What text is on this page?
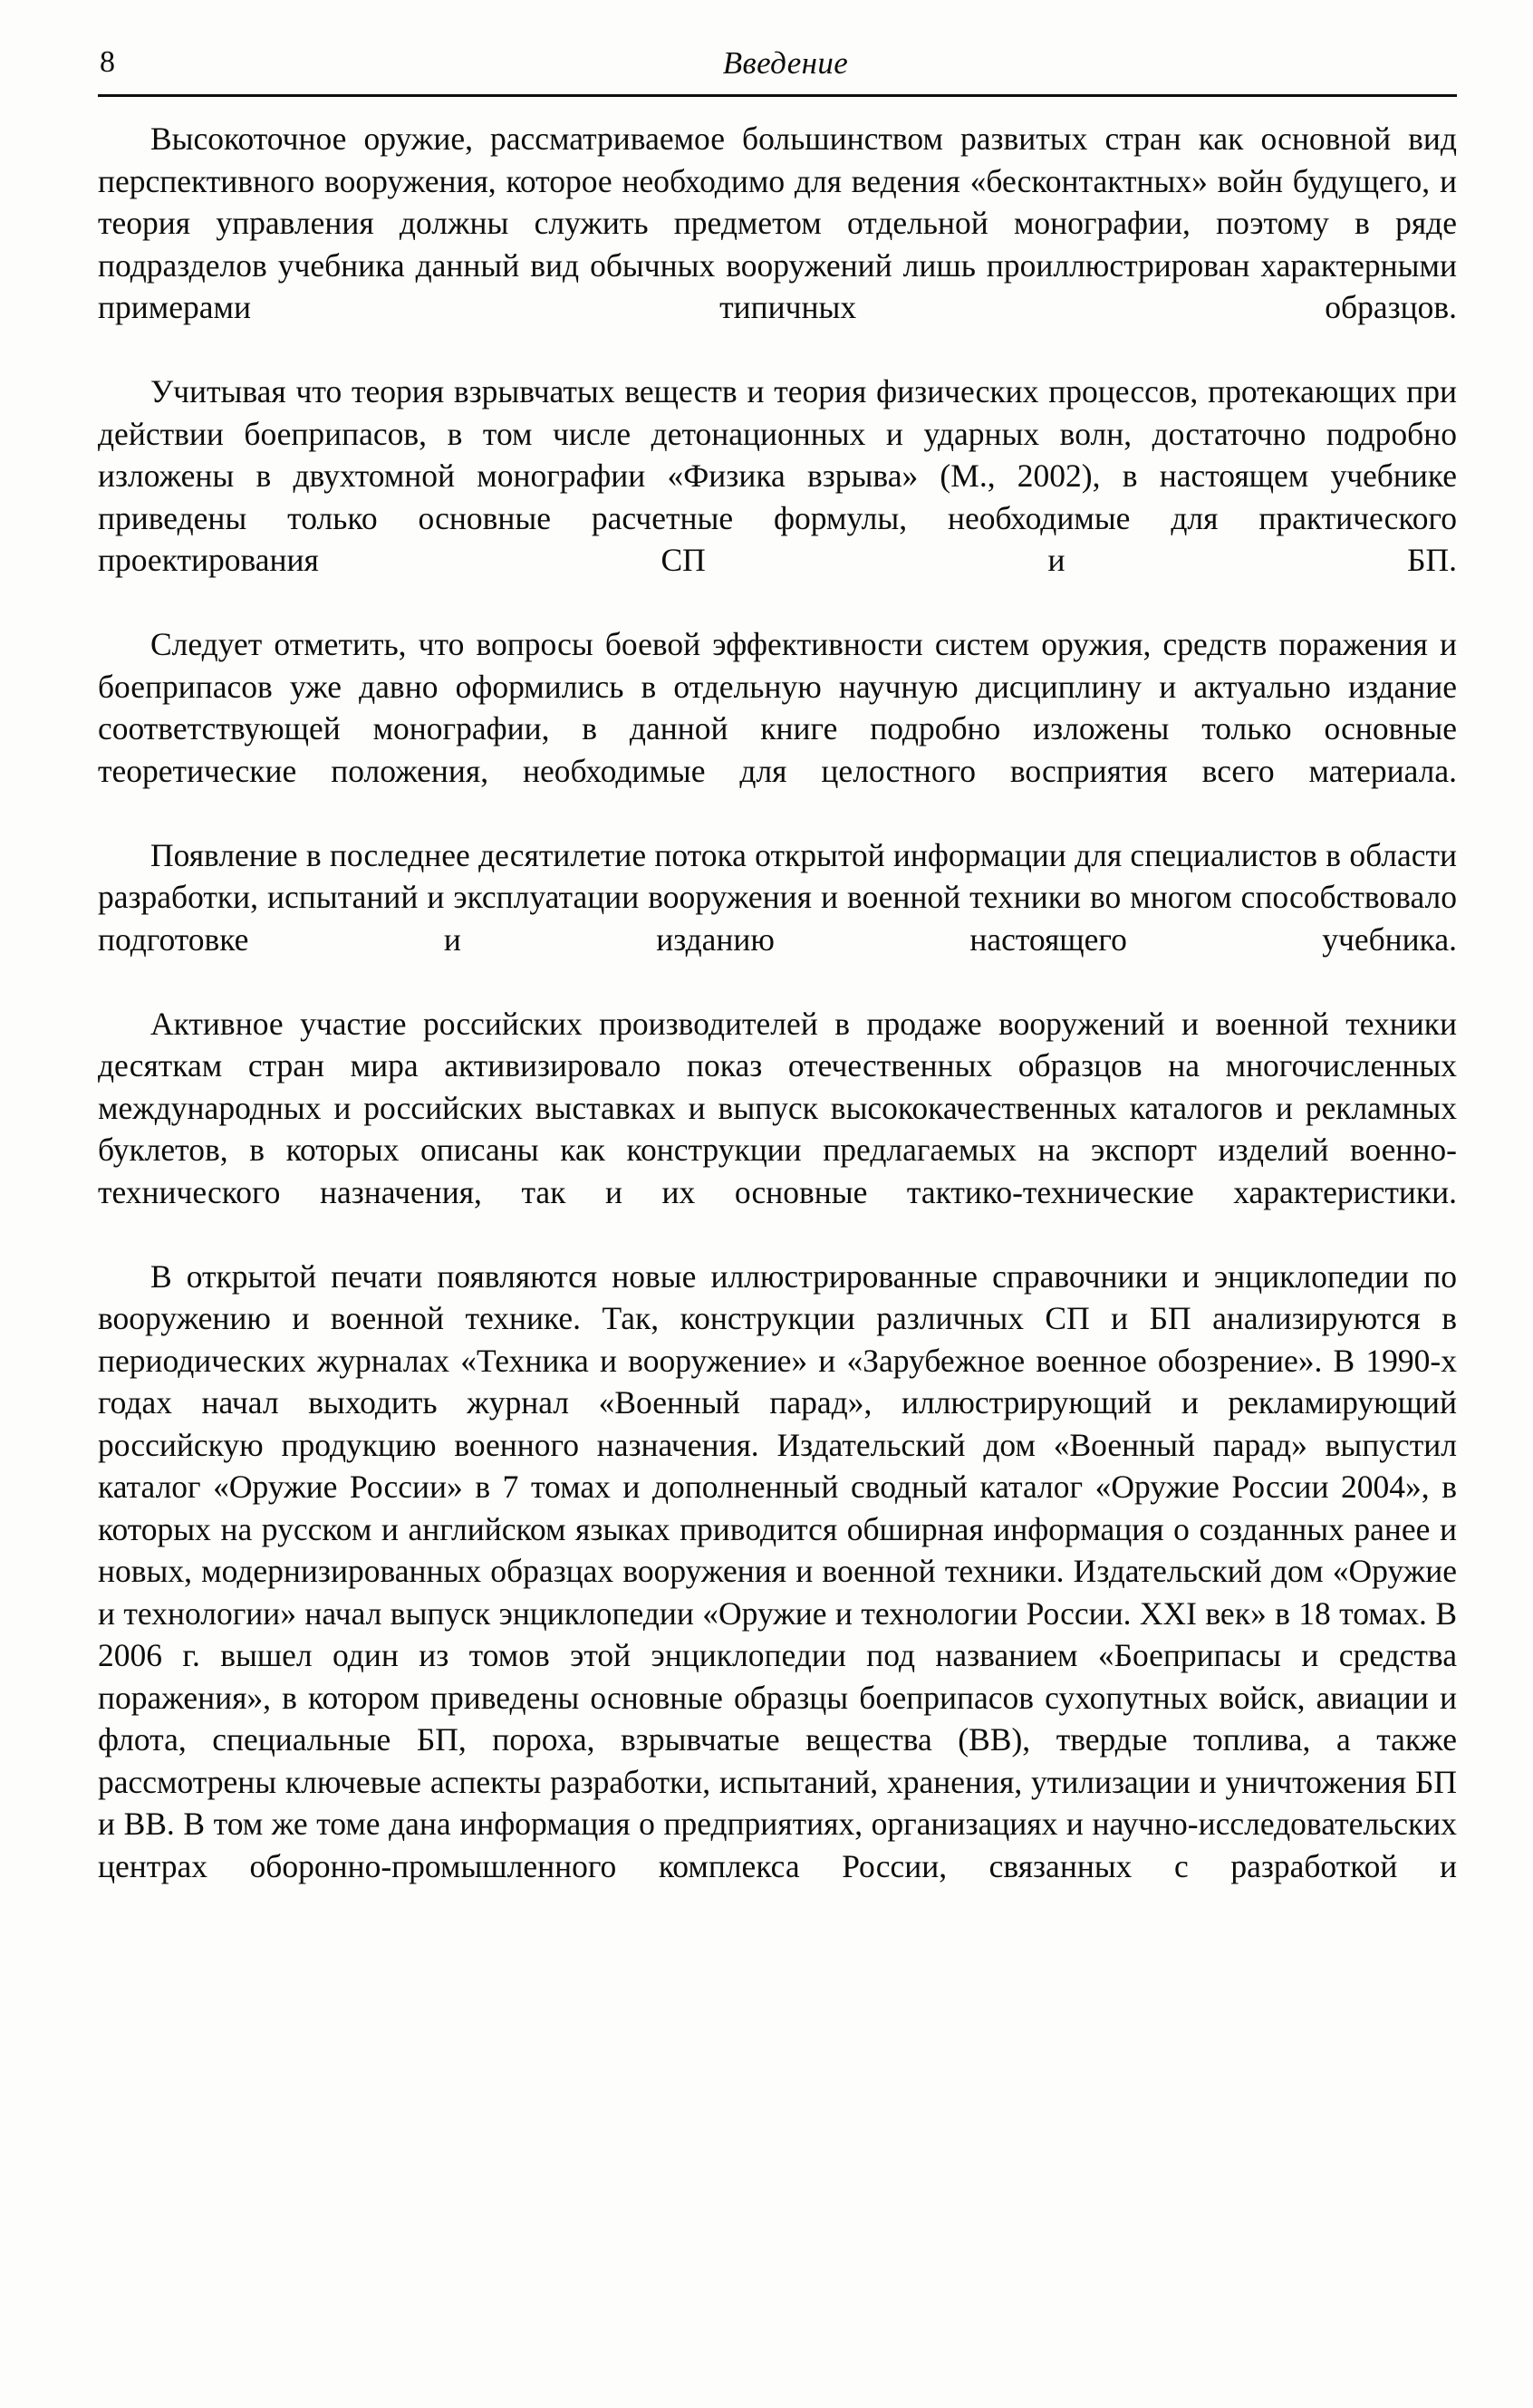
8	Введение

Высокоточное оружие, рассматриваемое большинством развитых стран как основной вид перспективного вооружения, которое необходимо для ведения «бесконтактных» войн будущего, и теория управления должны служить предметом отдельной монографии, поэтому в ряде подразделов учебника данный вид обычных вооружений лишь проиллюстрирован характерными примерами типичных образцов.

Учитывая что теория взрывчатых веществ и теория физических процессов, протекающих при действии боеприпасов, в том числе детонационных и ударных волн, достаточно подробно изложены в двухтомной монографии «Физика взрыва» (М., 2002), в настоящем учебнике приведены только основные расчетные формулы, необходимые для практического проектирования СП и БП.

Следует отметить, что вопросы боевой эффективности систем оружия, средств поражения и боеприпасов уже давно оформились в отдельную научную дисциплину и актуально издание соответствующей монографии, в данной книге подробно изложены только основные теоретические положения, необходимые для целостного восприятия всего материала.

Появление в последнее десятилетие потока открытой информации для специалистов в области разработки, испытаний и эксплуатации вооружения и военной техники во многом способствовало подготовке и изданию настоящего учебника.

Активное участие российских производителей в продаже вооружений и военной техники десяткам стран мира активизировало показ отечественных образцов на многочисленных международных и российских выставках и выпуск высококачественных каталогов и рекламных буклетов, в которых описаны как конструкции предлагаемых на экспорт изделий военно-технического назначения, так и их основные тактико-технические характеристики.

В открытой печати появляются новые иллюстрированные справочники и энциклопедии по вооружению и военной технике. Так, конструкции различных СП и БП анализируются в периодических журналах «Техника и вооружение» и «Зарубежное военное обозрение». В 1990-х годах начал выходить журнал «Военный парад», иллюстрирующий и рекламирующий российскую продукцию военного назначения. Издательский дом «Военный парад» выпустил каталог «Оружие России» в 7 томах и дополненный сводный каталог «Оружие России 2004», в которых на русском и английском языках приводится обширная информация о созданных ранее и новых, модернизированных образцах вооружения и военной техники. Издательский дом «Оружие и технологии» начал выпуск энциклопедии «Оружие и технологии России. XXI век» в 18 томах. В 2006 г. вышел один из томов этой энциклопедии под названием «Боеприпасы и средства поражения», в котором приведены основные образцы боеприпасов сухопутных войск, авиации и флота, специальные БП, пороха, взрывчатые вещества (ВВ), твердые топлива, а также рассмотрены ключевые аспекты разработки, испытаний, хранения, утилизации и уничтожения БП и ВВ. В том же томе дана информация о предприятиях, организациях и научно-исследовательских центрах оборонно-промышленного комплекса России, связанных с разработкой и
